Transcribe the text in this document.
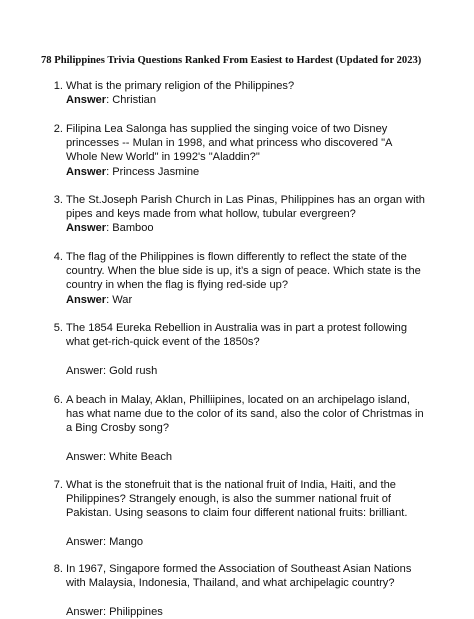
78 Philippines Trivia Questions Ranked From Easiest to Hardest (Updated for 2023)
1. What is the primary religion of the Philippines?
Answer: Christian
2. Filipina Lea Salonga has supplied the singing voice of two Disney princesses -- Mulan in 1998, and what princess who discovered "A Whole New World" in 1992's "Aladdin?"
Answer: Princess Jasmine
3. The St.Joseph Parish Church in Las Pinas, Philippines has an organ with pipes and keys made from what hollow, tubular evergreen?
Answer: Bamboo
4. The flag of the Philippines is flown differently to reflect the state of the country. When the blue side is up, it’s a sign of peace. Which state is the country in when the flag is flying red-side up?
Answer: War
5. The 1854 Eureka Rebellion in Australia was in part a protest following what get-rich-quick event of the 1850s?
Answer: Gold rush
6. A beach in Malay, Aklan, Philliipines, located on an archipelago island, has what name due to the color of its sand, also the color of Christmas in a Bing Crosby song?
Answer: White Beach
7. What is the stonefruit that is the national fruit of India, Haiti, and the Philippines? Strangely enough, is also the summer national fruit of Pakistan. Using seasons to claim four different national fruits: brilliant.
Answer: Mango
8. In 1967, Singapore formed the Association of Southeast Asian Nations with Malaysia, Indonesia, Thailand, and what archipelagic country?
Answer: Philippines
